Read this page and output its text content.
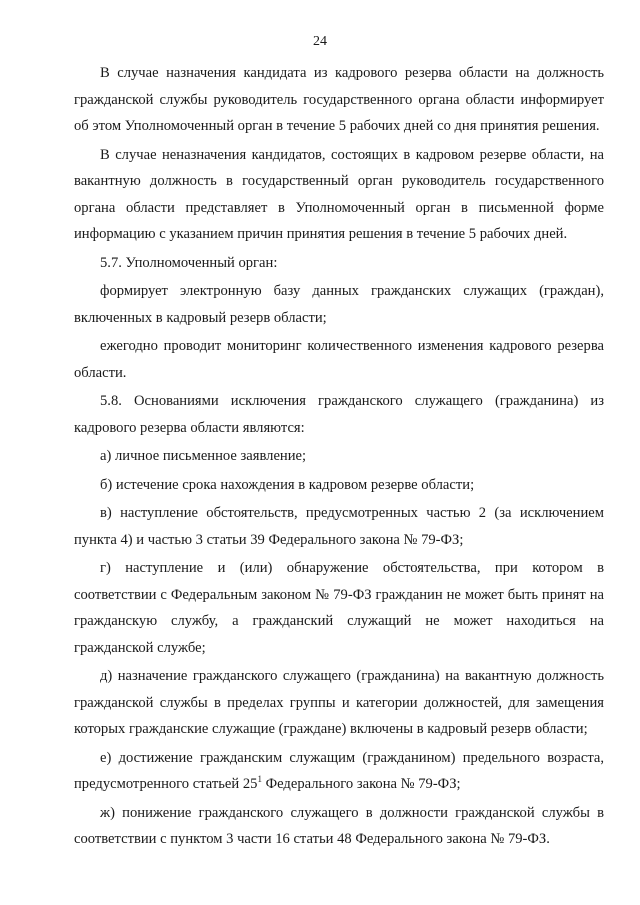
24

В случае назначения кандидата из кадрового резерва области на должность гражданской службы руководитель государственного органа области информирует об этом Уполномоченный орган в течение 5 рабочих дней со дня принятия решения.

В случае неназначения кандидатов, состоящих в кадровом резерве области, на вакантную должность в государственный орган руководитель государственного органа области представляет в Уполномоченный орган в письменной форме информацию с указанием причин принятия решения в течение 5 рабочих дней.

5.7. Уполномоченный орган:

формирует электронную базу данных гражданских служащих (граждан), включенных в кадровый резерв области;

ежегодно проводит мониторинг количественного изменения кадрового резерва области.

5.8. Основаниями исключения гражданского служащего (гражданина) из кадрового резерва области являются:

а) личное письменное заявление;

б) истечение срока нахождения в кадровом резерве области;

в) наступление обстоятельств, предусмотренных частью 2 (за исключением пункта 4) и частью 3 статьи 39 Федерального закона № 79-ФЗ;

г) наступление и (или) обнаружение обстоятельства, при котором в соответствии с Федеральным законом № 79-ФЗ гражданин не может быть принят на гражданскую службу, а гражданский служащий не может находиться на гражданской службе;

д) назначение гражданского служащего (гражданина) на вакантную должность гражданской службы в пределах группы и категории должностей, для замещения которых гражданские служащие (граждане) включены в кадровый резерв области;

е) достижение гражданским служащим (гражданином) предельного возраста, предусмотренного статьей $25^1$ Федерального закона № 79-ФЗ;

ж) понижение гражданского служащего в должности гражданской службы в соответствии с пунктом 3 части 16 статьи 48 Федерального закона № 79-ФЗ.
